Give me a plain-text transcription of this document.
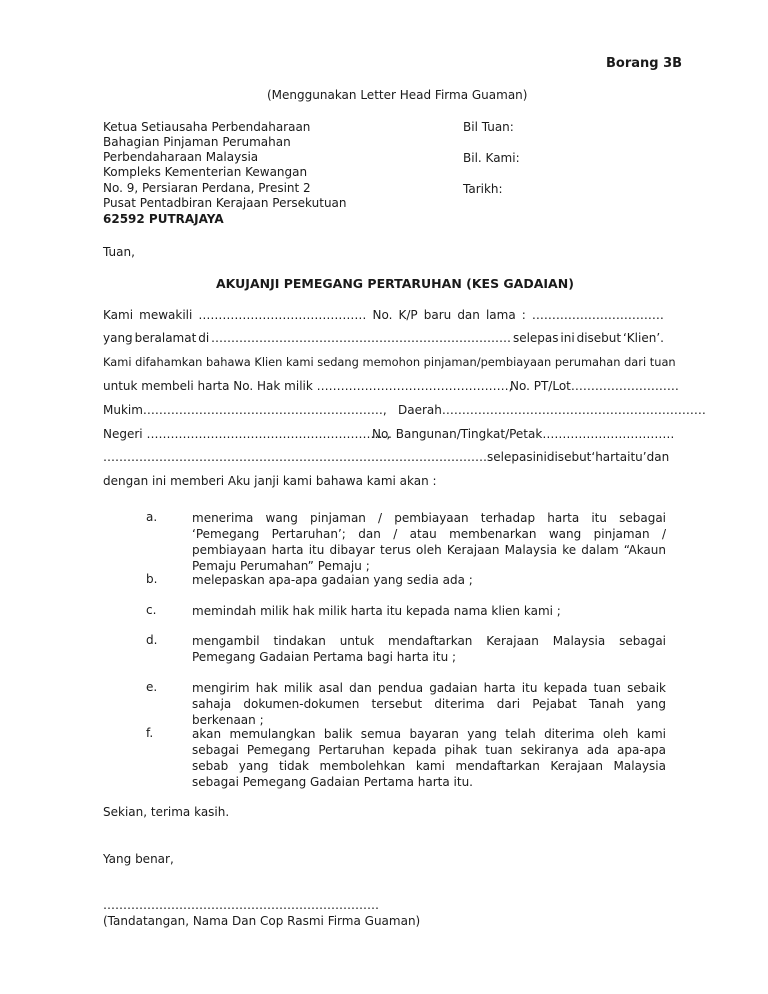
Borang 3B
(Menggunakan Letter Head Firma Guaman)
Ketua Setiausaha Perbendaharaan
Bahagian Pinjaman Perumahan
Perbendaharaan Malaysia
Kompleks Kementerian Kewangan
No. 9, Persiaran Perdana, Presint 2
Pusat Pentadbiran Kerajaan Persekutuan
62592 PUTRAJAYA
Bil Tuan:
Bil. Kami:
Tarikh:
Tuan,
AKUJANJI PEMEGANG PERTARUHAN (KES GADAIAN)
Kami mewakili …………………………………… No. K/P baru dan lama : ……………………………
yang beralamat di ………………………………………………………………… selepas ini disebut ‘Klien’.
Kami difahamkan bahawa Klien kami sedang memohon pinjaman/pembiayaan perumahan dari tuan
untuk membeli harta No. Hak milik …………………………………………,
No. PT/Lot………………………
Mukim……………………………………………………, Daerah…………………………………………………………
Negeri ……………………………………………………,
No. Bangunan/Tingkat/Petak……………………………
…………………………………………………………………………………… selepas ini disebut ‘harta itu’ dan
dengan ini memberi Aku janji kami bahawa kami akan :
a.	menerima wang pinjaman / pembiayaan terhadap harta itu sebagai ‘Pemegang Pertaruhan’; dan / atau membenarkan wang pinjaman / pembiayaan harta itu dibayar terus oleh Kerajaan Malaysia ke dalam “Akaun Pemaju Perumahan” Pemaju ;
b.	melepaskan apa-apa gadaian yang sedia ada ;
c.	memindah milik hak milik harta itu kepada nama klien kami ;
d.	mengambil tindakan untuk mendaftarkan Kerajaan Malaysia sebagai Pemegang Gadaian Pertama bagi harta itu ;
e.	mengirim hak milik asal dan pendua gadaian harta itu kepada tuan sebaik sahaja dokumen-dokumen tersebut diterima dari Pejabat Tanah yang berkenaan ;
f.	akan memulangkan balik semua bayaran yang telah diterima oleh kami sebagai Pemegang Pertaruhan kepada pihak tuan sekiranya ada apa-apa sebab yang tidak membolehkan kami mendaftarkan Kerajaan Malaysia sebagai Pemegang Gadaian Pertama harta itu.
Sekian, terima kasih.
Yang benar,
……………………………………………………………
(Tandatangan, Nama Dan Cop Rasmi Firma Guaman)
